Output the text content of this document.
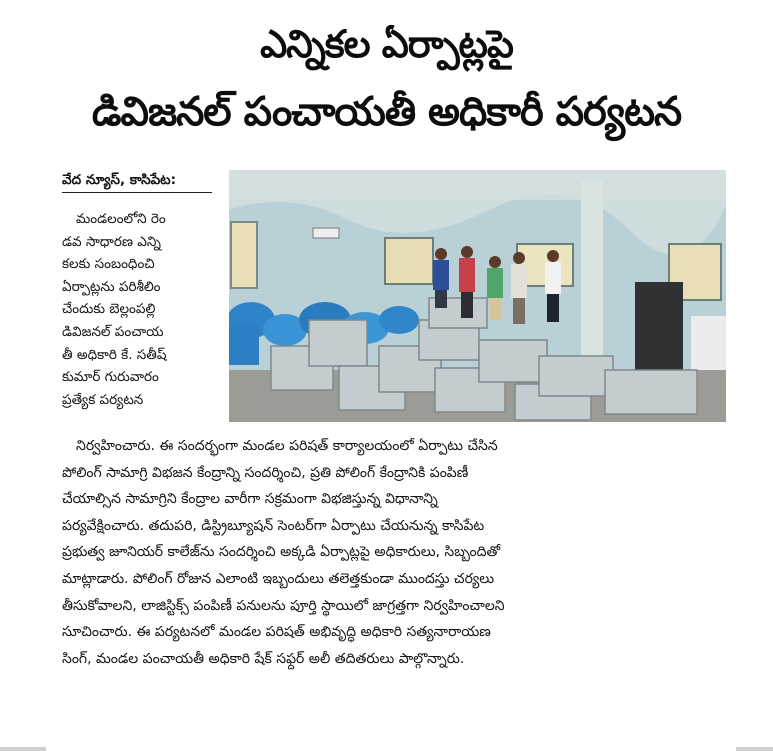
ఎన్నికల ఏర్పాట్లపై
డివిజనల్ పంచాయతీ అధికారీ పర్యటన
వేద న్యూస్, కాసిపేట:
మండలంలోని రెం
డవ సాధారణ ఎన్ని
కలకు సంబంధించి
ఏర్పాట్లను పరిశీలిం
చేందుకు బెల్లంపల్లి
డివిజనల్ పంచాయ
తీ అధికారి కే. సతీష్
కుమార్ గురువారం
ప్రత్యేక పర్యటన
నిర్వహించారు. ఈ సందర్భంగా మండల పరిషత్ కార్యాలయంలో ఏర్పాటు చేసిన
పోలింగ్ సామాగ్రి విభజన కేంద్రాన్ని సందర్శించి, ప్రతి పోలింగ్ కేంద్రానికి పంపిణీ
చేయాల్సిన సామాగ్రిని కేంద్రాల వారీగా సక్రమంగా విభజిస్తున్న విధానాన్ని
పర్యవేక్షించారు. తదుపరి, డిస్ట్రిబ్యూషన్ సెంటర్‌గా ఏర్పాటు చేయనున్న కాసిపేట
ప్రభుత్వ జూనియర్ కాలేజ్‌ను సందర్శించి అక్కడి ఏర్పాట్లపై అధికారులు, సిబ్బందితో
మాట్లాడారు. పోలింగ్ రోజున ఎలాంటి ఇబ్బందులు తలెత్తకుండా ముందస్తు చర్యలు
తీసుకోవాలని, లాజిస్టిక్స్ పంపిణీ పనులను పూర్తి స్థాయిలో జాగ్రత్తగా నిర్వహించాలని
సూచించారు. ఈ పర్యటనలో మండల పరిషత్ అభివృద్ధి అధికారి సత్యనారాయణ
సింగ్, మండల పంచాయతీ అధికారి షేక్ సఫ్దర్ అలీ తదితరులు పాల్గొన్నారు.
